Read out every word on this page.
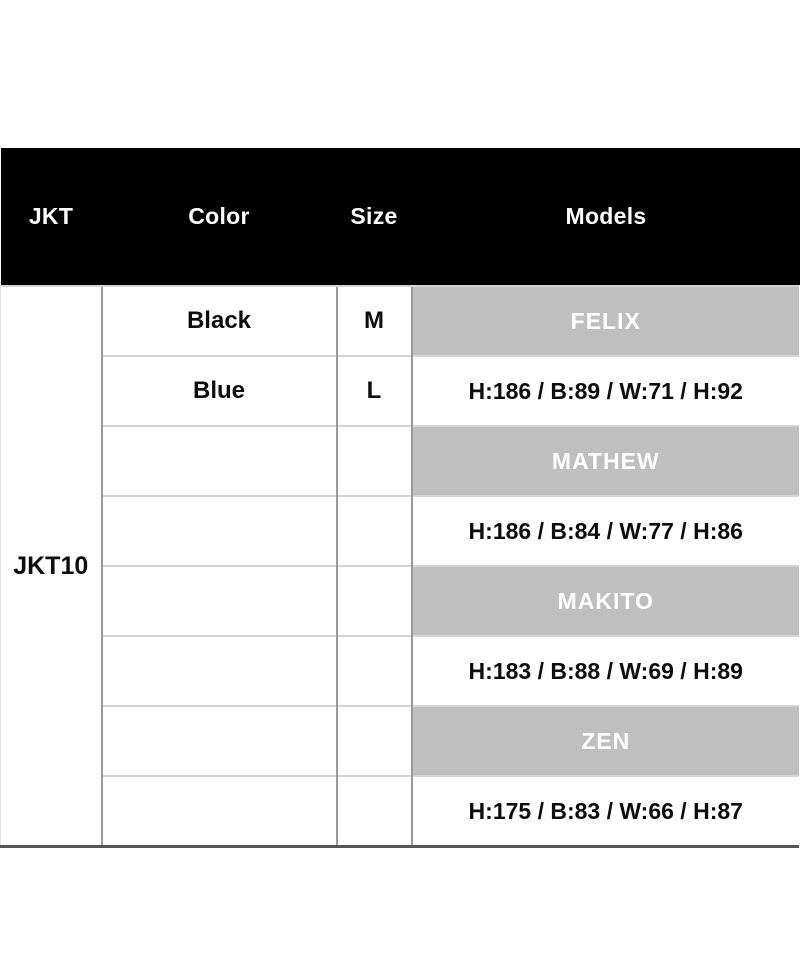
JKT	Color	Size	Models
JKT10	Black	M	FELIX
	Blue	L	H:186 / B:89 / W:71 / H:92
			MATHEW
			H:186 / B:84 / W:77 / H:86
			MAKITO
			H:183 / B:88 / W:69 / H:89
			ZEN
			H:175 / B:83 / W:66 / H:87
